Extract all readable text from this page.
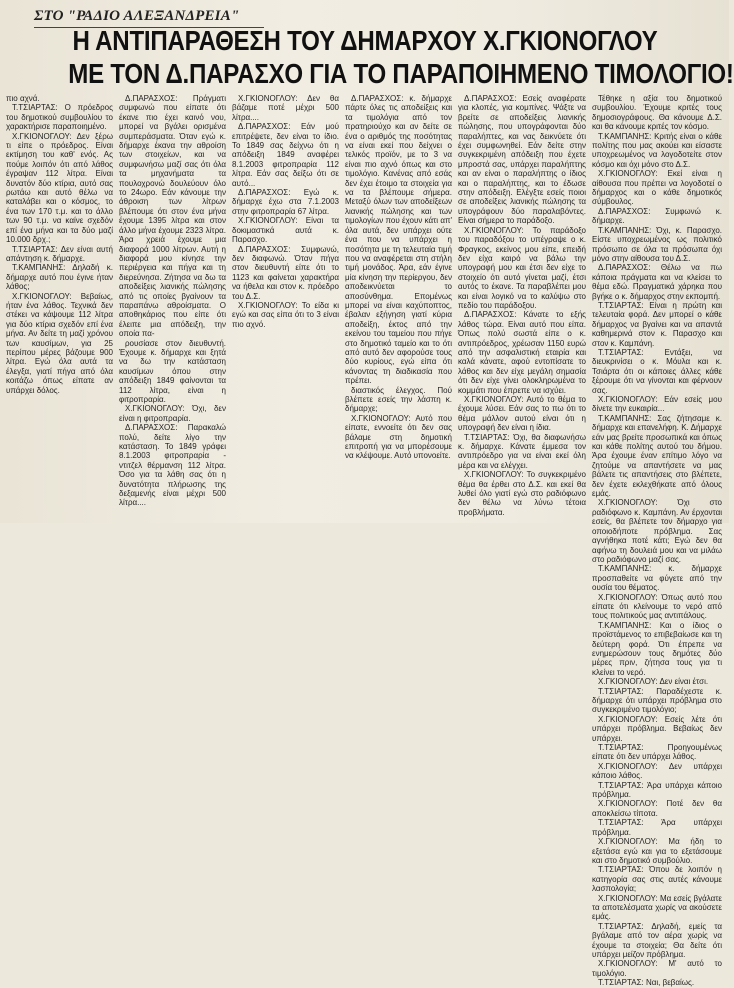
ΣΤΟ "ΡΑΔΙΟ ΑΛΕΞΑΝΔΡΕΙΑ"
Η ΑΝΤΙΠΑΡΑΘΕΣΗ ΤΟΥ ΔΗΜΑΡΧΟΥ Χ.ΓΚΙΟΝΟΓΛΟΥ
ΜΕ ΤΟΝ Δ.ΠΑΡΑΣΧΟ ΓΙΑ ΤΟ ΠΑΡΑΠΟΙΗΜΕΝΟ ΤΙΜΟΛΟΓΙΟ!

πιο αχνά.

Τ.ΤΣΙΑΡΤΑΣ: Ο πρόεδρος του δημοτικού συμβουλίου το χαρακτήρισε παραποιημένο.

Χ.ΓΚΙΟΝΟΓΛΟΥ: Δεν ξέρω τι είπε ο πρόεδρος. Είναι εκτίμηση του καθ' ενός. Ας πούμε λοιπόν ότι από λάθος έγραψαν 112 λίτρα. Είναι δυνατόν δύο κτίρια, αυτό σας ρωτάω και αυτό θέλω να καταλάβει και ο κόσμος, το ένα των 170 τ.μ. και το άλλο των 90 τ.μ. να καίνε σχεδόν επί ένα μήνα και τα δύο μαζί 10.000 δρχ.;

Τ.ΤΣΙΑΡΤΑΣ: Δεν είναι αυτή απάντηση κ. δήμαρχε.

Τ.ΚΑΜΠΑΝΗΣ: Δηλαδή κ. δήμαρχε αυτό που έγινε ήταν λάθος;

Χ.ΓΚΙΟΝΟΓΛΟΥ: Βεβαίως, ήταν ένα λάθος. Τεχνικά δεν στέκει να κάψουμε 112 λίτρα για δύο κτίρια σχεδόν επί ένα μήνα. Αν δείτε τη μαζί χρόνου των καυσίμων, για 25 περίπου μέρες βάζουμε 900 λίτρα. Εγώ όλα αυτά τα έλεγξα, γιατί πήγα από όλα κοιτάζω όπως είπατε αν υπάρχει δόλος.

Δ.ΠΑΡΑΣΧΟΣ: Πράγματι συμφωνώ που είπατε ότι έκανε πιο έχει καινό νου, μπορεί να βγάλει ορισμένα συμπεράσματα. Όταν εγώ κ. δήμαρχε έκανα την αθροίση των στοιχείων, και να συμφωνήσω μαζί σας ότι όλα τα μηχανήματα τα πουλοχρονώ δουλεύουν όλο το 24ωρο. Εάν κάνουμε την άθροιση των λίτρων βλέπουμε ότι στον ένα μήνα έχουμε 1395 λίτρα και στον άλλο μήνα έχουμε 2323 λίτρα. Άρα χρειά έχουμε μια διαφορά 1000 λίτρων. Αυτή η διαφορά μου κίνησε την περιέργεια και πήγα και τη διερεύνησα. Ζήτησα να δω τα αποδείξεις λιανικής πώλησης από τις οποίες βγαίνουν τα παραπάνω αθροίσματα. Ο αποθηκάριος που είπε ότι έλειπε μια απόδειξη, την οποία πα-

ρουσίασε στον διευθυντή. Έχουμε κ. δήμαρχε και ξητά να δω την κατάσταση καυσίμων όπου στην απόδειξη 1849 φαίνονται τα 112 λίτρα, είναι η φιτροπραρία.

Χ.ΓΚΙΟΝΟΓΛΟΥ: Όχι, δεν είναι η φιτροπραρία.

Δ.ΠΑΡΑΣΧΟΣ: Παρακαλώ πολύ, δείτε λίγο την κατάσταση. Το 1849 γράφει 8.1.2003 φιτροπραρία - ντιτζελ θέρμανση 112 λίτρα. Όσο για τα λάθη σας ότι η δυνατότητα πλήρωσης της δεξαμενής είναι μέχρι 500 λίτρα....

Χ.ΓΚΙΟΝΟΓΛΟΥ: Δεν θα βάζαμε ποτέ μέχρι 500 λίτρα....

Δ.ΠΑΡΑΣΧΟΣ: Εάν μού επιτρέψετε, δεν είναι το ίδιο. Το 1849 σας δείχνω ότι η απόδειξη 1849 αναφέρει 8.1.2003 φιτροπραρία 112 λίτρα. Εάν σας δείξω ότι σε αυτό...

Δ.ΠΑΡΑΣΧΟΣ: Εγώ κ. δήμαρχε έχω στα 7.1.2003 στην φιτροπραρία 67 λίτρα.

Χ.ΓΚΙΟΝΟΓΛΟΥ: Είναι τα δοκιμαστικά αυτά κ. Παρασχο.

Δ.ΠΑΡΑΣΧΟΣ: Συμφωνώ, δεν διαφωνώ. Όταν πήγα στον διευθυντή είπε ότι το 1123 και φαίνεται χαρακτήρα να ήθελα και στον κ. πρόεδρο του Δ.Σ.

Χ.ΓΚΙΟΝΟΓΛΟΥ: Το είδα κι εγώ και σας είπα ότι το 3 είναι πιο αχνό.

Δ.ΠΑΡΑΣΧΟΣ: κ. δήμαρχε πάρτε όλες τις αποδείξεις και τα τιμολόγια από τον πρατηριούχο και αν δείτε σε ένα ο αριθμός της ποσότητας να είναι εκεί που δείχνει ο τελικός προϊόν, με το 3 να είναι πιο αχνό όπως και στο τιμολόγιο. Κανένας από εσάς δεν έχει έτοιμο τα στοιχεία για να τα βλέπουμε σήμερα. Μεταξύ όλων των αποδείξεων λιανικής πώλησης και των τιμολογίων που έχουν κάτι απ' όλα αυτά, δεν υπάρχει ούτε ένα που να υπάρχει η ποσότητα με τη τελευταία τιμή που να αναφέρεται στη στήλη τιμή μονάδος. Άρα, εάν έγινε μία κίνηση την περίεργου, δεν αποδεικνύεται το αποσύνθημα. Επομένως μπορεί να είναι καχύποπτος, έβαλαν εξήγηση γιατί κύρια αποδείξη, έκτος από την εκείνου του ταμείου που πήγε στο δημοτικό ταμείο και το ότι από αυτό δεν αφορούσε τους δύο κυρίους, εγώ είπα ότι κάνοντας τη διαδικασία που πρέπει.

διαστικός έλεγχος. Πού βλέπετε εσείς την λάσπη κ. δήμαρχε;

Χ.ΓΚΙΟΝΟΓΛΟΥ: Αυτό που είπατε, εννοείτε ότι δεν σας βάλαμε στη δημοτική επιτροπή για να μπορέσουμε να κλέψουμε. Αυτό υπονοείτε.

Δ.ΠΑΡΑΣΧΟΣ: Εσείς αναφέρατε για κλοπές, για κομπίνες. Ψάξτε να βρείτε σε αποδείξεις λιανικής πώλησης, που υπογράφονται δύο παραλήπτες, και νας δεικνύετε ότι έχει συμφωνηθεί. Εάν δείτε στην συγκεκριμένη απόδειξη που έχετε μπροστά σας, υπάρχει παραλήπτης και αν είναι ο παραλήπτης ο ίδιος και ο παραλήπτης, και το έδωσε στην απόδειξη. Ελέγξτε εσείς ποιοι σε αποδείξεις λιανικής πώλησης τα υπογράφουν δύο παραλαβόντες. Είναι σήμερα το παράδοξο.

Χ.ΓΚΙΟΝΟΓΛΟΥ: Το παράδοξο του παραδόξου το υπέγραψε ο κ. Φραγκος, εκείνος μου είπε, επειδή δεν είχα καιρό να βάλω την υπογραφή μου και έτσι δεν είχε το στοιχείο ότι αυτό γίνεται μαζί, έτσι αυτός το έκανε. Τα παραβλέπει μου και είναι λογικό να το καλύψω στο πεδίο του παράδοξου.

Δ.ΠΑΡΑΣΧΟΣ: Κάνατε το εξής λάθος τώρα. Είναι αυτό που είπα. Όπως πολύ σωστά είπε ο κ. αντιπρόεδρος, χρέωσαν 1150 ευρώ από την ασφαλιστική εταιρία και καλά κάνατε, αφού εντοπίσατε το λάθος και δεν είχε μεγάλη σημασία ότι δεν είχε γίνει ολοκληρωμένα το κομμάτι που έπρεπε να ισχύει.

Χ.ΓΚΙΟΝΟΓΛΟΥ: Αυτό το θέμα το έχουμε λύσει. Εάν σας το πω ότι το θέμα μάλλον αυτού είναι ότι η υπογραφή δεν είναι η ίδια.

Τ.ΤΣΙΑΡΤΑΣ: Όχι, θα διαφωνήσω κ. δήμαρχε. Κάνατε έμμεσα τον αντιπρόεδρο για να είναι εκεί όλη μέρα και να ελέγχει.

Χ.ΓΚΙΟΝΟΓΛΟΥ: Το συγκεκριμένο θέμα θα έρθει στο Δ.Σ. και εκεί θα λυθεί όλο γιατί εγώ στο ραδιόφωνο δεν θέλω να λύνω τέτοια προβλήματα.

Τέθηκε η αξία του δημοτικού συμβουλίου. Έχουμε κριτές τους δημοσιογράφους. Θα κάνουμε Δ.Σ. και θα κάνουμε κριτές τον κόσμο.

Τ.ΚΑΜΠΑΝΗΣ: Κριτής είναι ο κάθε πολίτης που μας ακούει και είσαστε υποχρεωμένος να λογοδοτείτε στον κόσμο και όχι μόνο στο Δ.Σ.

Χ.ΓΚΙΟΝΟΓΛΟΥ: Εκεί είναι η αίθουσα που πρέπει να λογοδοτεί ο δήμαρχος και ο κάθε δημοτικός σύμβουλος.

Δ.ΠΑΡΑΣΧΟΣ: Συμφωνώ κ. δήμαρχε.

Τ.ΚΑΜΠΑΝΗΣ: Όχι, κ. Παρασχο. Είστε υποχρεωμένος ως πολιτικό πρόσωπο σε όλα τα πρόσωπα όχι μόνο στην αίθουσα του Δ.Σ.

Δ.ΠΑΡΑΣΧΟΣ: Θέλω να πω κάποια πράγματα και να κλείσει το θέμα εδώ. Πραγματικά χάρηκα που βγήκε ο κ. δήμαρχος στην εκπομπή.

Τ.ΤΣΙΑΡΤΑΣ: Είναι η πρώτη και τελευταία φορά. Δεν μπορεί ο κάθε δήμαρχος να βγαίνει και να απαντά καθημερινά στον κ. Παρασχο και στον κ. Καμπάνη.

Τ.ΤΣΙΑΡΤΑΣ: Εντάξει, να διευκρινίσει ο κ. Μόυλα και κ. Τσιάρτα ότι οι κάποιες άλλες κάθε ξέρουμε ότι να γίνονται και φέρνουν σας.

Χ.ΓΚΙΟΝΟΓΛΟΥ: Εάν εσείς μου δίνετε την ευκαιρία...

Τ.ΚΑΜΠΑΝΗΣ: Σας ζήτησαμε κ. δήμαρχε και επανελήφη. Κ. Δήμαρχε εάν μας βρείτε προσωπικά και όπως και κάθε πολίτης αυτού του δήμου. Άρα έχουμε έναν επίτιμο λόγο να ζητούμε να απαντήσετε να μας βάλετε τις απαντήσεις στο βλέπετε, δεν έχετε εκλεχθήκατε από όλους εμάς.

Χ.ΓΚΙΟΝΟΓΛΟΥ: Όχι στο ραδιόφωνο κ. Καμπάνη. Αν έρχονται εσείς, θα βλέπετε τον δήμαρχο για οποιοδήποτε πρόβλημα. Σας αγνήθηκα ποτέ κάτι; Εγώ δεν θα αφήνω τη δουλειά μου και να μιλάω στο ραδιόφωνο μαζί σας.

Τ.ΚΑΜΠΑΝΗΣ: κ. δήμαρχε προσπαθείτε να φύγετε από την ουσία του θέματος.

Χ.ΓΚΙΟΝΟΓΛΟΥ: Όπως αυτό που είπατε ότι κλείνουμε το νερό από τους πολιτικούς μας αντιπάλους.

Τ.ΚΑΜΠΑΝΗΣ: Και ο ίδιος ο προϊστάμενος το επιβεβαίωσε και τη δεύτερη φορά. Ότι έπρεπε να ενημερώσουν τους δημότες δύο μέρες πριν, ζήτησα τους για τι κλείνει το νερό.

Χ.ΓΚΙΟΝΟΓΛΟΥ: Δεν είναι έτσι.

Τ.ΤΣΙΑΡΤΑΣ: Παραδέχεστε κ. δήμαρχε ότι υπάρχει πρόβλημα στο συγκεκριμένο τιμολόγιο;

Χ.ΓΚΙΟΝΟΓΛΟΥ: Εσείς λέτε ότι υπάρχει πρόβλημα. Βεβαίως δεν υπάρχει.

Τ.ΤΣΙΑΡΤΑΣ: Προηγουμένως είπατε ότι δεν υπάρχει λάθος.

Χ.ΓΚΙΟΝΟΓΛΟΥ: Δεν υπάρχει κάποιο λάθος.

Τ.ΤΣΙΑΡΤΑΣ: Άρα υπάρχει κάποιο πρόβλημα.

Χ.ΓΚΙΟΝΟΓΛΟΥ: Ποτέ δεν θα αποκλείσω τίποτα.

Τ.ΤΣΙΑΡΤΑΣ: Άρα υπάρχει πρόβλημα.

Χ.ΓΚΙΟΝΟΓΛΟΥ: Μα ήδη το εξετάσα εγώ και για το εξετάσουμε και στο δημοτικό συμβούλιο.

Τ.ΤΣΙΑΡΤΑΣ: Όπου δε λοιπόν η κατηγορία σας στις αυτές κάνουμε λασπολογία;

Χ.ΓΚΙΟΝΟΓΛΟΥ: Μα εσείς βγάλατε τα αποτελέσματα χωρίς να ακούσετε εμάς.

Τ.ΤΣΙΑΡΤΑΣ: Δηλαδή, εμείς τα βγάλαμε από τον αέρα χωρίς να έχουμε τα στοιχεία; Θα δείτε ότι υπάρχει μείζον πρόβλημα.

Χ.ΓΚΙΟΝΟΓΛΟΥ: Μ' αυτό το τιμολόγιο.

Τ.ΤΣΙΑΡΤΑΣ: Ναι, βεβαίως.
